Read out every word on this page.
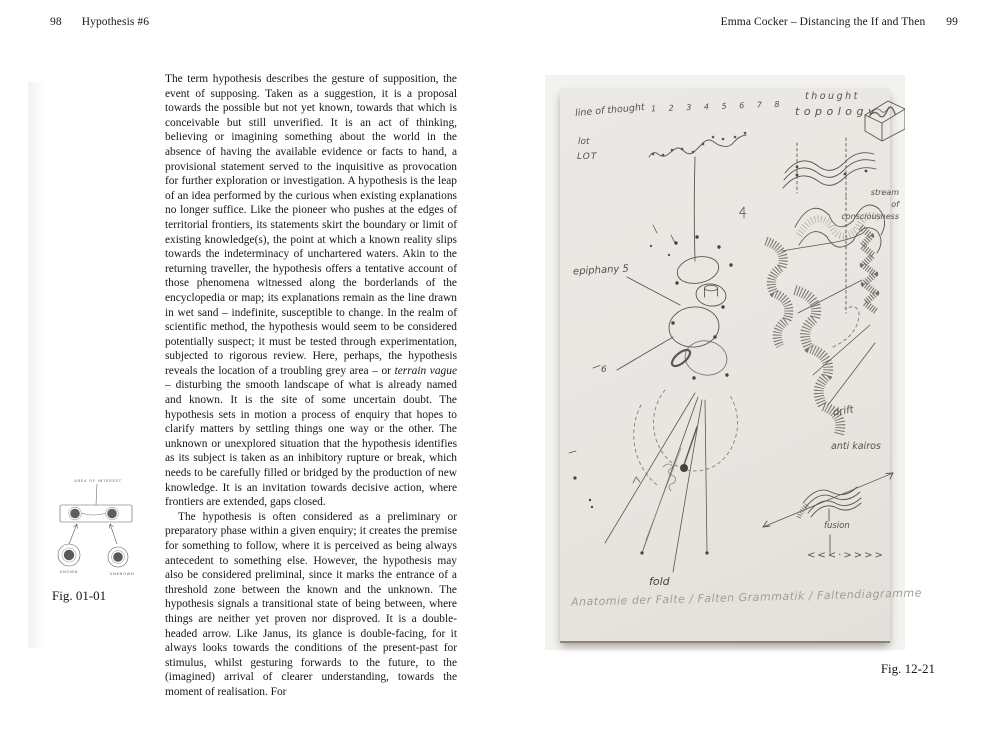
98 Hypothesis #6	Emma Cocker – Distancing the If and Then 99

The term hypothesis describes the gesture of supposition, the event of supposing. Taken as a suggestion, it is a proposal towards the possible but not yet known, towards that which is conceivable but still unverified. It is an act of thinking, believing or imagining something about the world in the absence of having the available evidence or facts to hand, a provisional statement served to the inquisitive as provocation for further exploration or investigation. A hypothesis is the leap of an idea performed by the curious when existing explanations no longer suffice. Like the pioneer who pushes at the edges of territorial frontiers, its statements skirt the boundary or limit of existing knowledge(s), the point at which a known reality slips towards the indeterminacy of unchartered waters. Akin to the returning traveller, the hypothesis offers a tentative account of those phenomena witnessed along the borderlands of the encyclopedia or map; its explanations remain as the line drawn in wet sand – indefinite, susceptible to change. In the realm of scientific method, the hypothesis would seem to be considered potentially suspect; it must be tested through experimentation, subjected to rigorous review. Here, perhaps, the hypothesis reveals the location of a troubling grey area – or terrain vague – disturbing the smooth landscape of what is already named and known. It is the site of some uncertain doubt. The hypothesis sets in motion a process of enquiry that hopes to clarify matters by settling things one way or the other. The unknown or unexplored situation that the hypothesis identifies as its subject is taken as an inhibitory rupture or break, which needs to be carefully filled or bridged by the production of new knowledge. It is an invitation towards decisive action, where frontiers are extended, gaps closed.

The hypothesis is often considered as a preliminary or preparatory phase within a given enquiry; it creates the premise for something to follow, where it is perceived as being always antecedent to something else. However, the hypothesis may also be considered preliminal, since it marks the entrance of a threshold zone between the known and the unknown. The hypothesis signals a transitional state of being between, where things are neither yet proven nor disproved. It is a double-headed arrow. Like Janus, its glance is double-facing, for it always looks towards the conditions of the present-past for stimulus, whilst gesturing forwards to the future, to the (imagined) arrival of clearer understanding, towards the moment of realisation. For

AREA OF INTEREST
KNOWN	UNKNOWN
Fig. 01-01
line of thought
lot
LOT
1 2 3 4 5 6 7 8
thought
topology
stream
of
consciousness
epiphany 5
6
drift
anti kairos
fusion
<<<·>>>>
fold
Anatomie der Falte / Falten Grammatik / Faltendiagramme
Fig. 12-21
